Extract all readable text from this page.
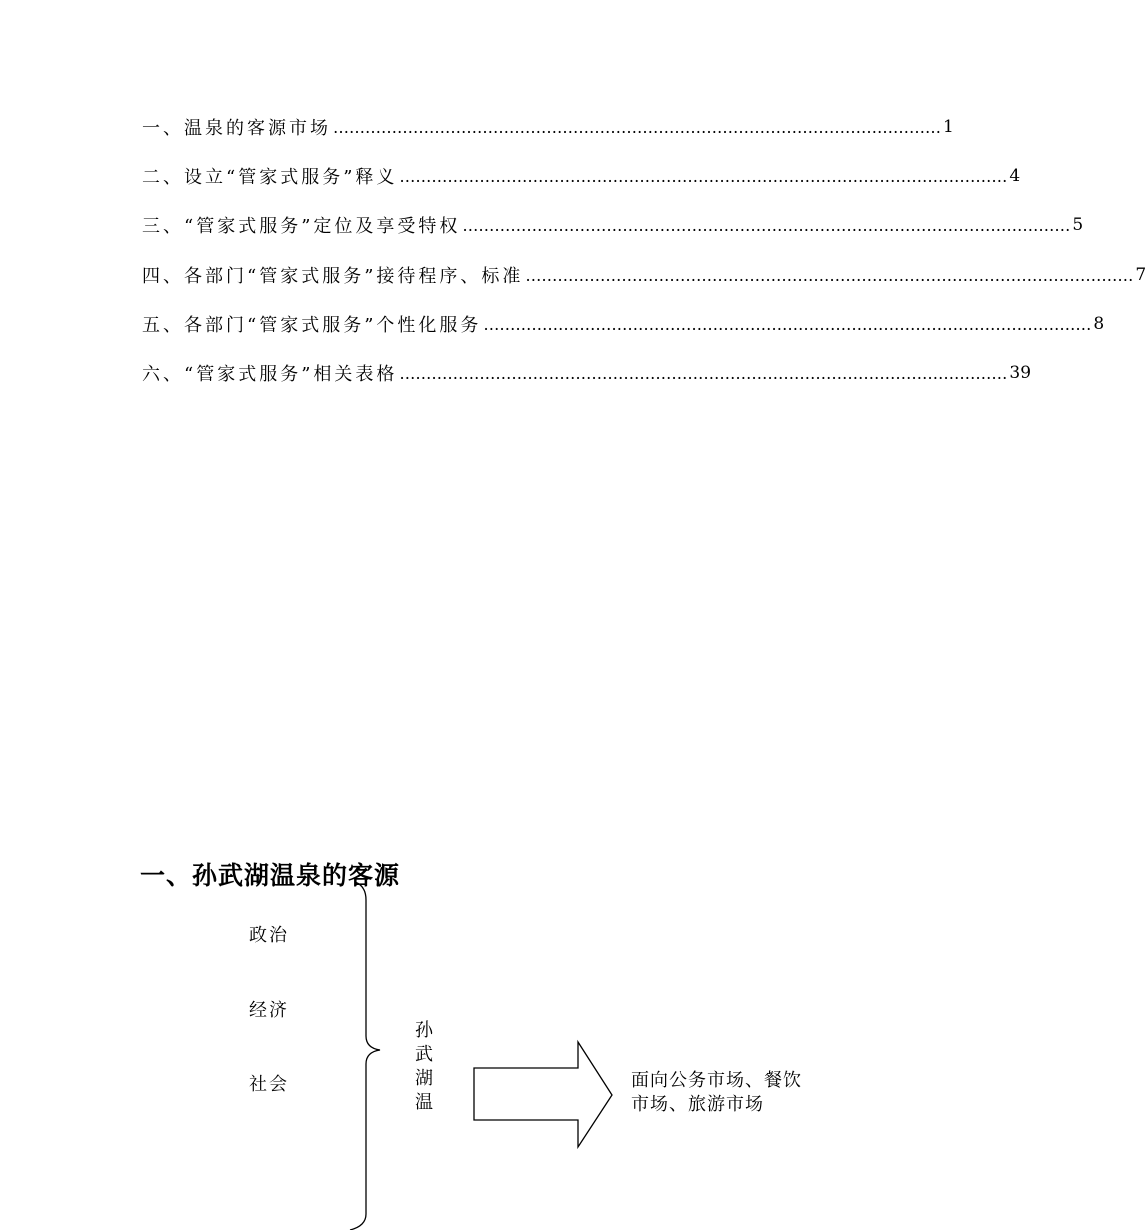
一、温泉的客源市场 …………………………………………………………………………………………………… 1
二、设立“管家式服务”释义 …………………………………………………………………………………………………… 4
三、“管家式服务”定位及享受特权 …………………………………………………………………………………………………… 5
四、各部门“管家式服务”接待程序、标准 …………………………………………………………………………………………………… 7
五、各部门“管家式服务”个性化服务 …………………………………………………………………………………………………… 8
六、“管家式服务”相关表格 …………………………………………………………………………………………………… 39
一、孙武湖温泉的客源
政治
经济
社会
孙
武
湖
温
面向公务市场、餐饮市场、旅游市场
